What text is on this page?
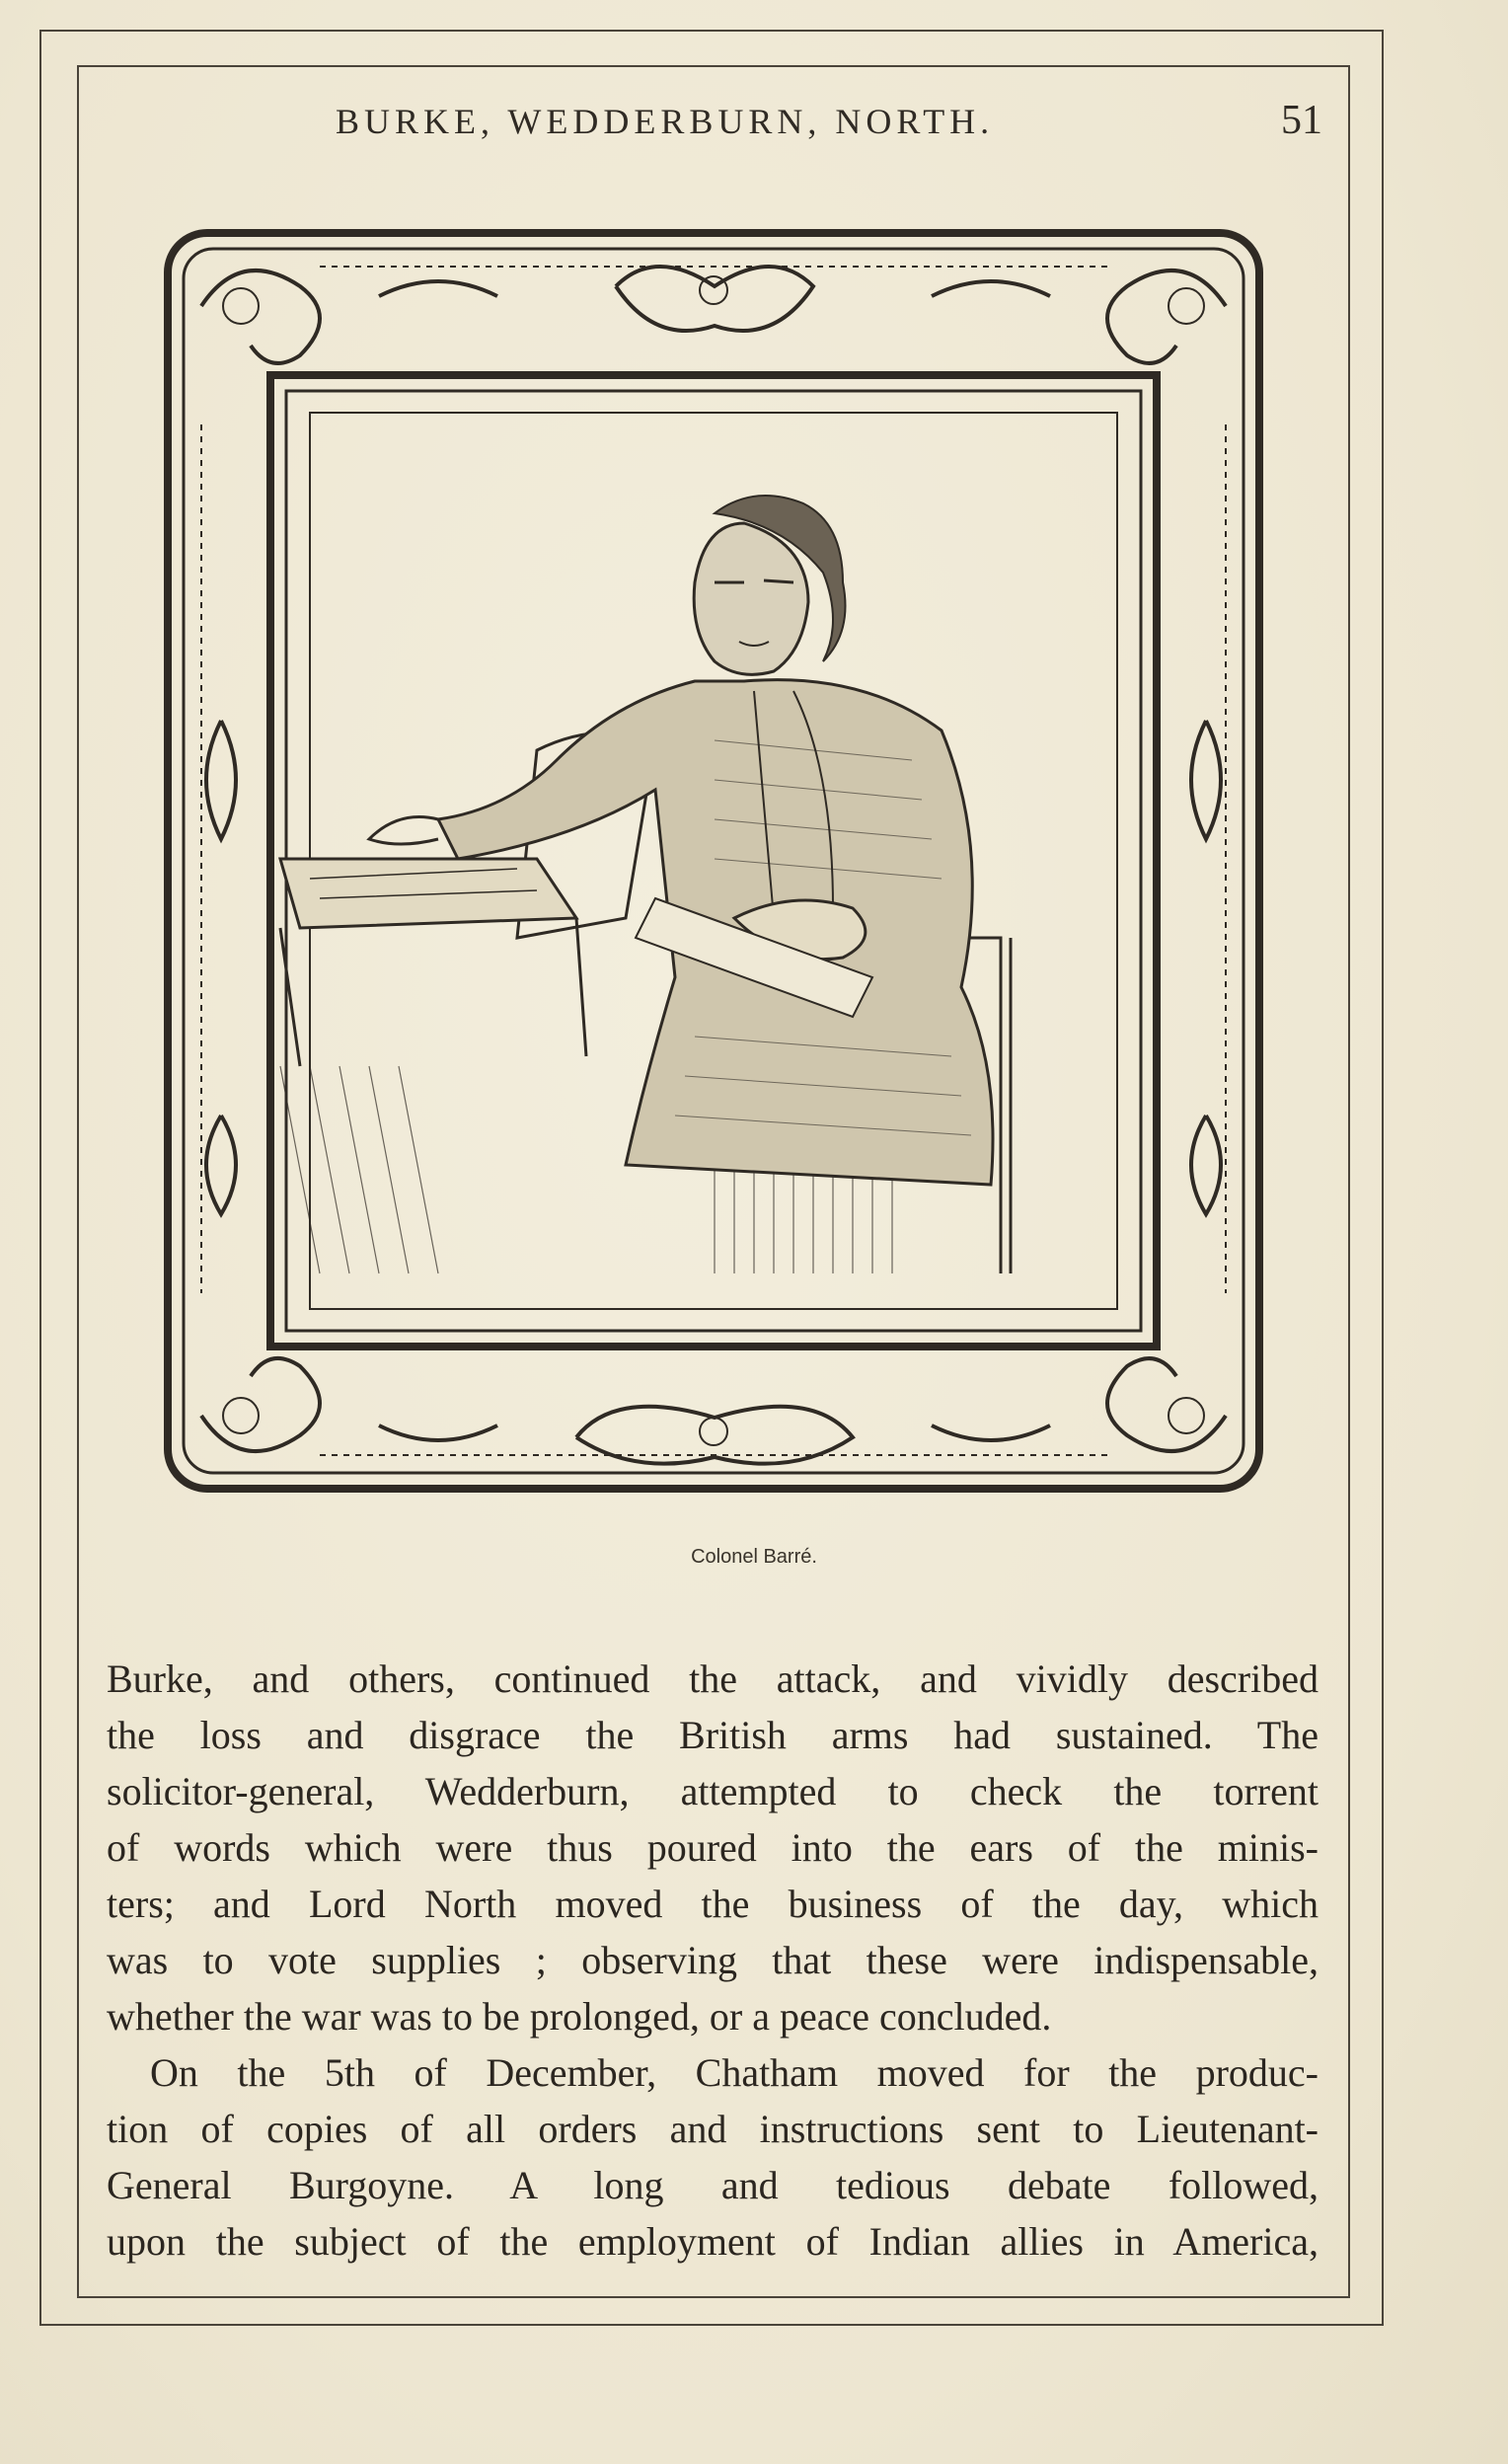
BURKE, WEDDERBURN, NORTH.	51
Colonel Barré.

Burke, and others, continued the attack, and vividly described
the loss and disgrace the British arms had sustained. The
solicitor-general, Wedderburn, attempted to check the torrent
of words which were thus poured into the ears of the minis-
ters; and Lord North moved the business of the day, which
was to vote supplies ; observing that these were indispensable,
whether the war was to be prolonged, or a peace concluded.

On the 5th of December, Chatham moved for the produc-
tion of copies of all orders and instructions sent to Lieutenant-
General Burgoyne. A long and tedious debate followed,
upon the subject of the employment of Indian allies in America,
